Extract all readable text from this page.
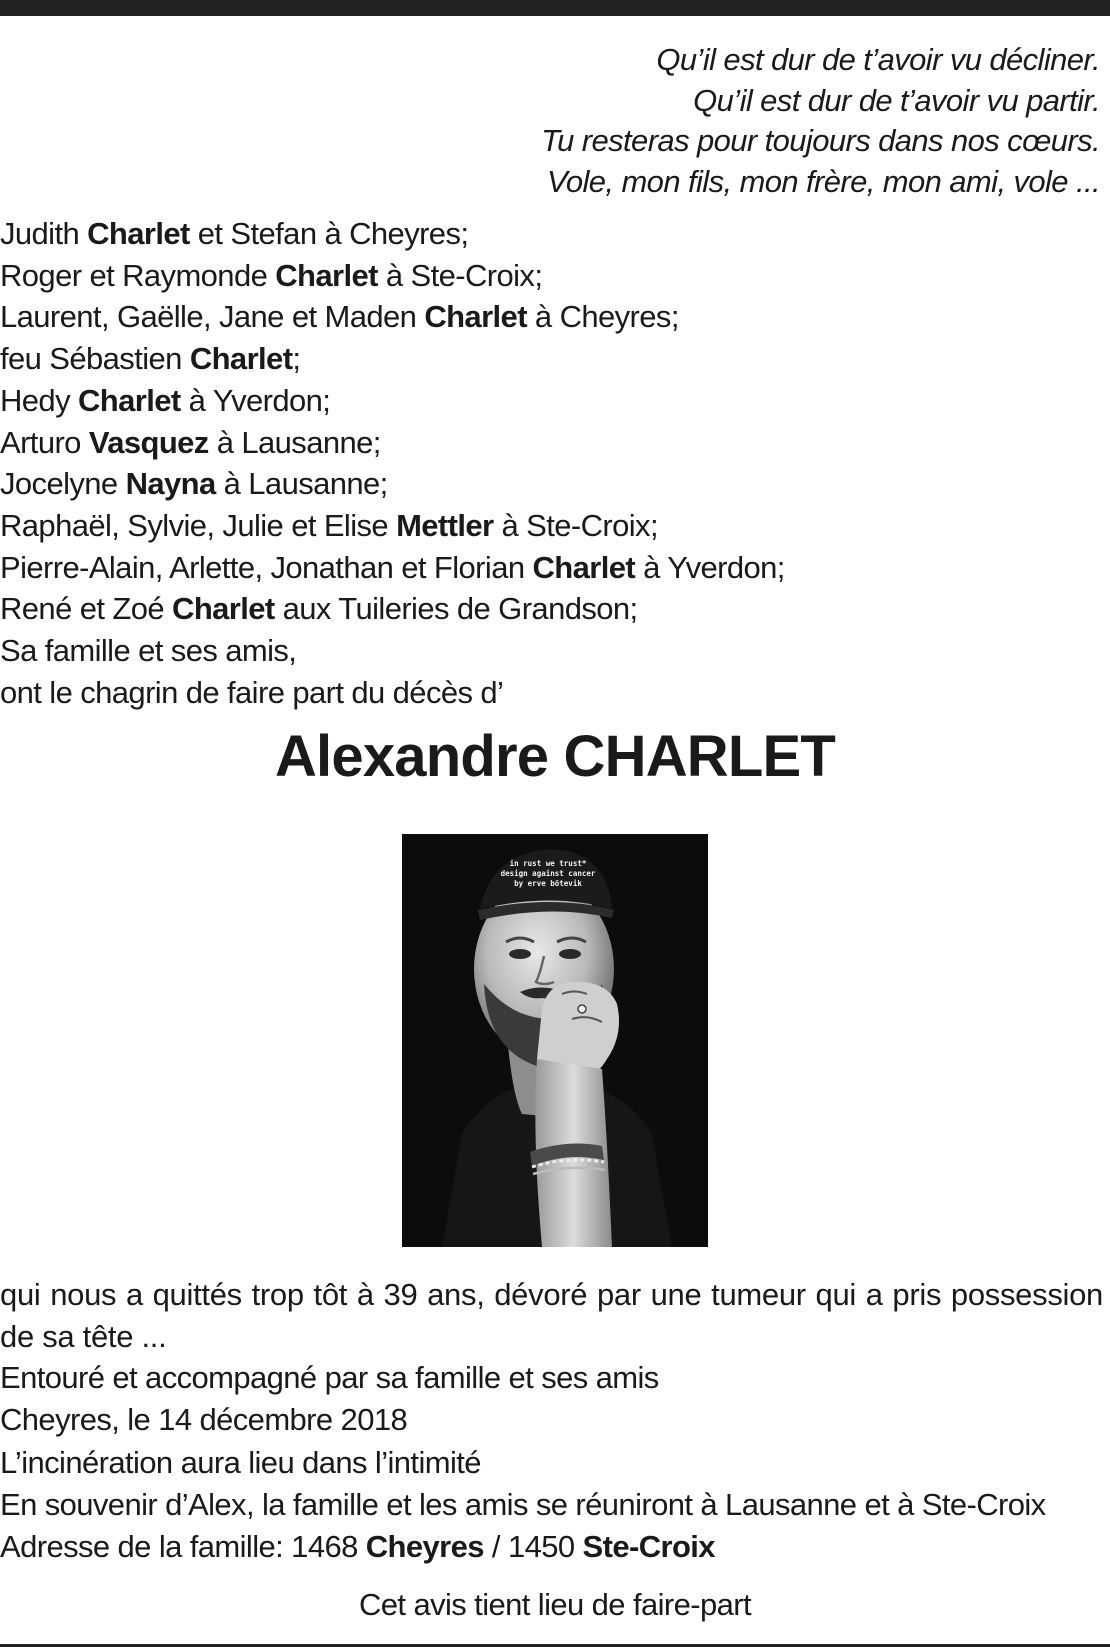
Qu’il est dur de t’avoir vu décliner.
Qu’il est dur de t’avoir vu partir.
Tu resteras pour toujours dans nos cœurs.
Vole, mon fils, mon frère, mon ami, vole ...
Judith Charlet et Stefan à Cheyres;
Roger et Raymonde Charlet à Ste-Croix;
Laurent, Gaëlle, Jane et Maden Charlet à Cheyres;
feu Sébastien Charlet;
Hedy Charlet à Yverdon;
Arturo Vasquez à Lausanne;
Jocelyne Nayna à Lausanne;
Raphaël, Sylvie, Julie et Elise Mettler à Ste-Croix;
Pierre-Alain, Arlette, Jonathan et Florian Charlet à Yverdon;
René et Zoé Charlet aux Tuileries de Grandson;
Sa famille et ses amis,
ont le chagrin de faire part du décès d’
Alexandre CHARLET
in rust we trust*
design against cancer
by erve bötevik
qui nous a quittés trop tôt à 39 ans, dévoré par une tumeur qui a pris possession de sa tête ...
Entouré et accompagné par sa famille et ses amis
Cheyres, le 14 décembre 2018
L’incinération aura lieu dans l’intimité
En souvenir d’Alex, la famille et les amis se réuniront à Lausanne et à Ste-Croix
Adresse de la famille: 1468 Cheyres / 1450 Ste-Croix
Cet avis tient lieu de faire-part
